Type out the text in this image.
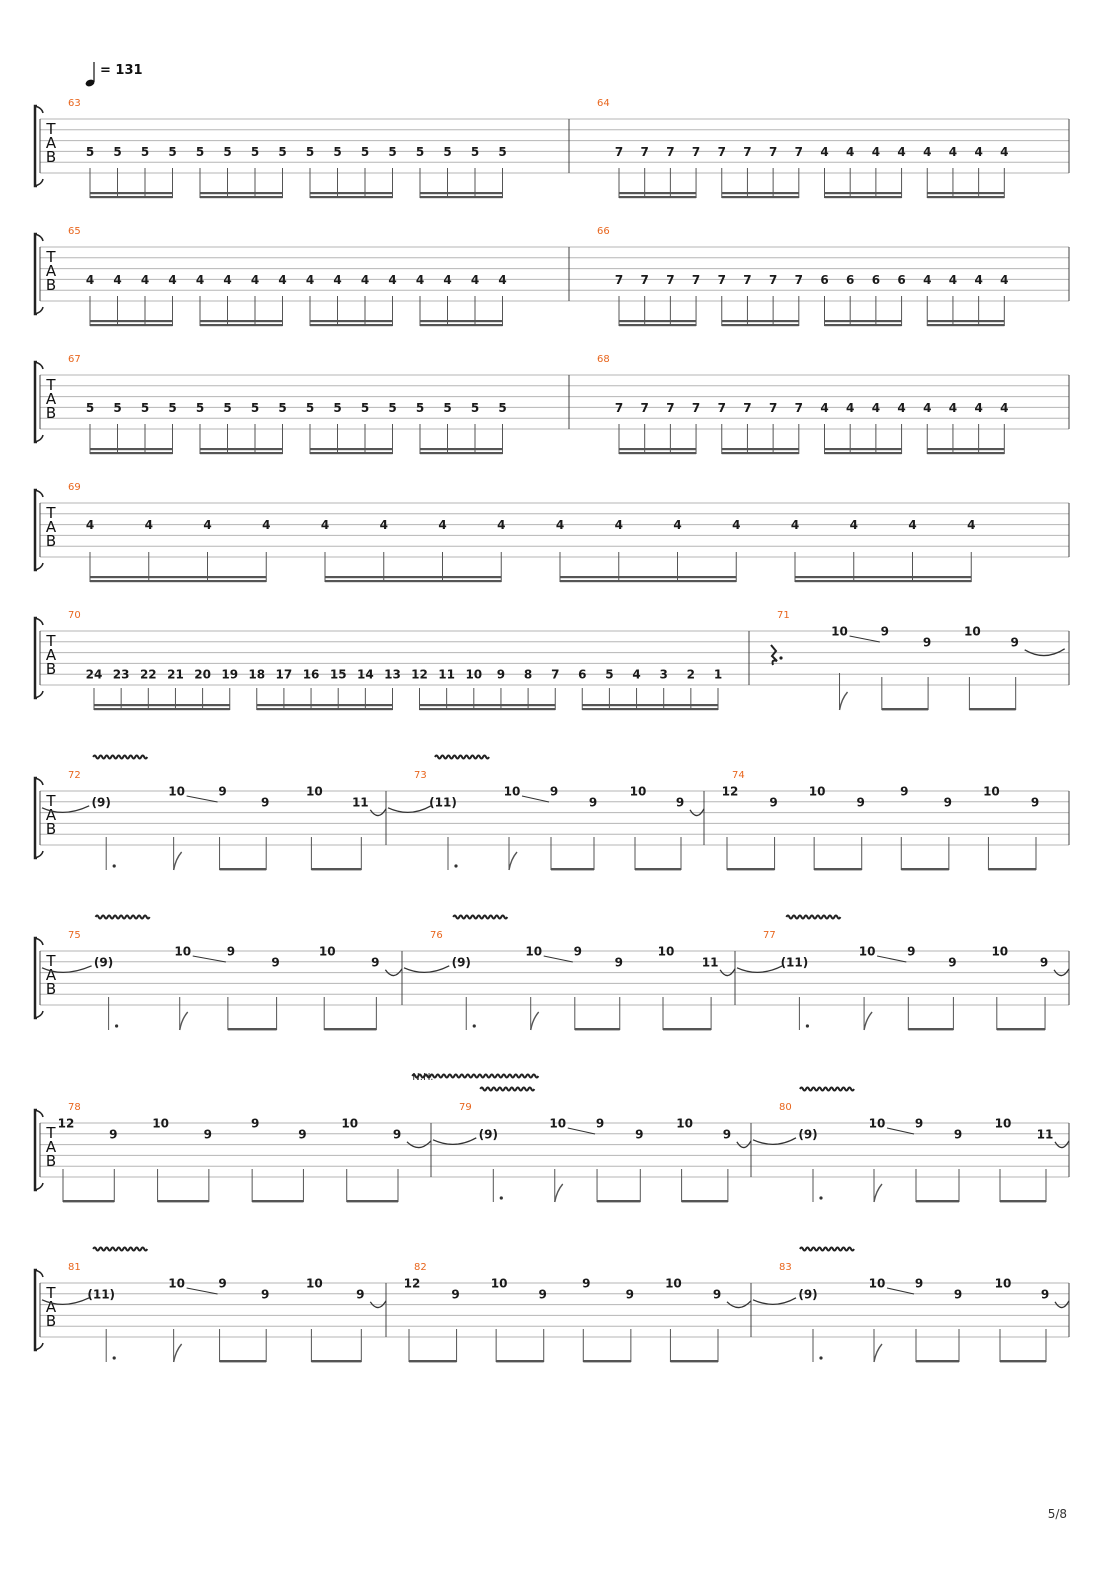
= 131
T
A
B
63
5 5 5 5 5 5 5 5 5 5 5 5 5 5 5 5
64
7 7 7 7 7 7 7 7 4 4 4 4 4 4 4 4
T
A
B
65
4 4 4 4 4 4 4 4 4 4 4 4 4 4 4 4
66
7 7 7 7 7 7 7 7 6 6 6 6 4 4 4 4
T
A
B
67
5 5 5 5 5 5 5 5 5 5 5 5 5 5 5 5
68
7 7 7 7 7 7 7 7 4 4 4 4 4 4 4 4
T
A
B
69
4	4	4	4	4	4	4	4	4	4	4	4	4	4	4	4
T
A
B
70
24 23 22 21 20 19 18 17 16 15 14 13 12 11 10 9 8 7 6 5 4 3 2 1
71
10	9
9
10
9
T
A
B
72
(9)
10	9
9
10
11
73
(11)
10 9
9
10
9
74
12
9
10
9
9
9
10
9
T
A
B
75
(9)
10	9
9
10
9
76
(9)
10	9
9
10
11
77
(11)
10	9
9
10
9
T
A
B
78
12
9
10
9
9
9
10
9
79
(9)
10 9
9
10
9
N.H.
80
(9)
10 9
9
10
11
T
A
B
81
(11)
10	9
9
10
9
82
12
9
10
9
9
9
10
9
83
(9)
10 9
9
10
9
5/8
